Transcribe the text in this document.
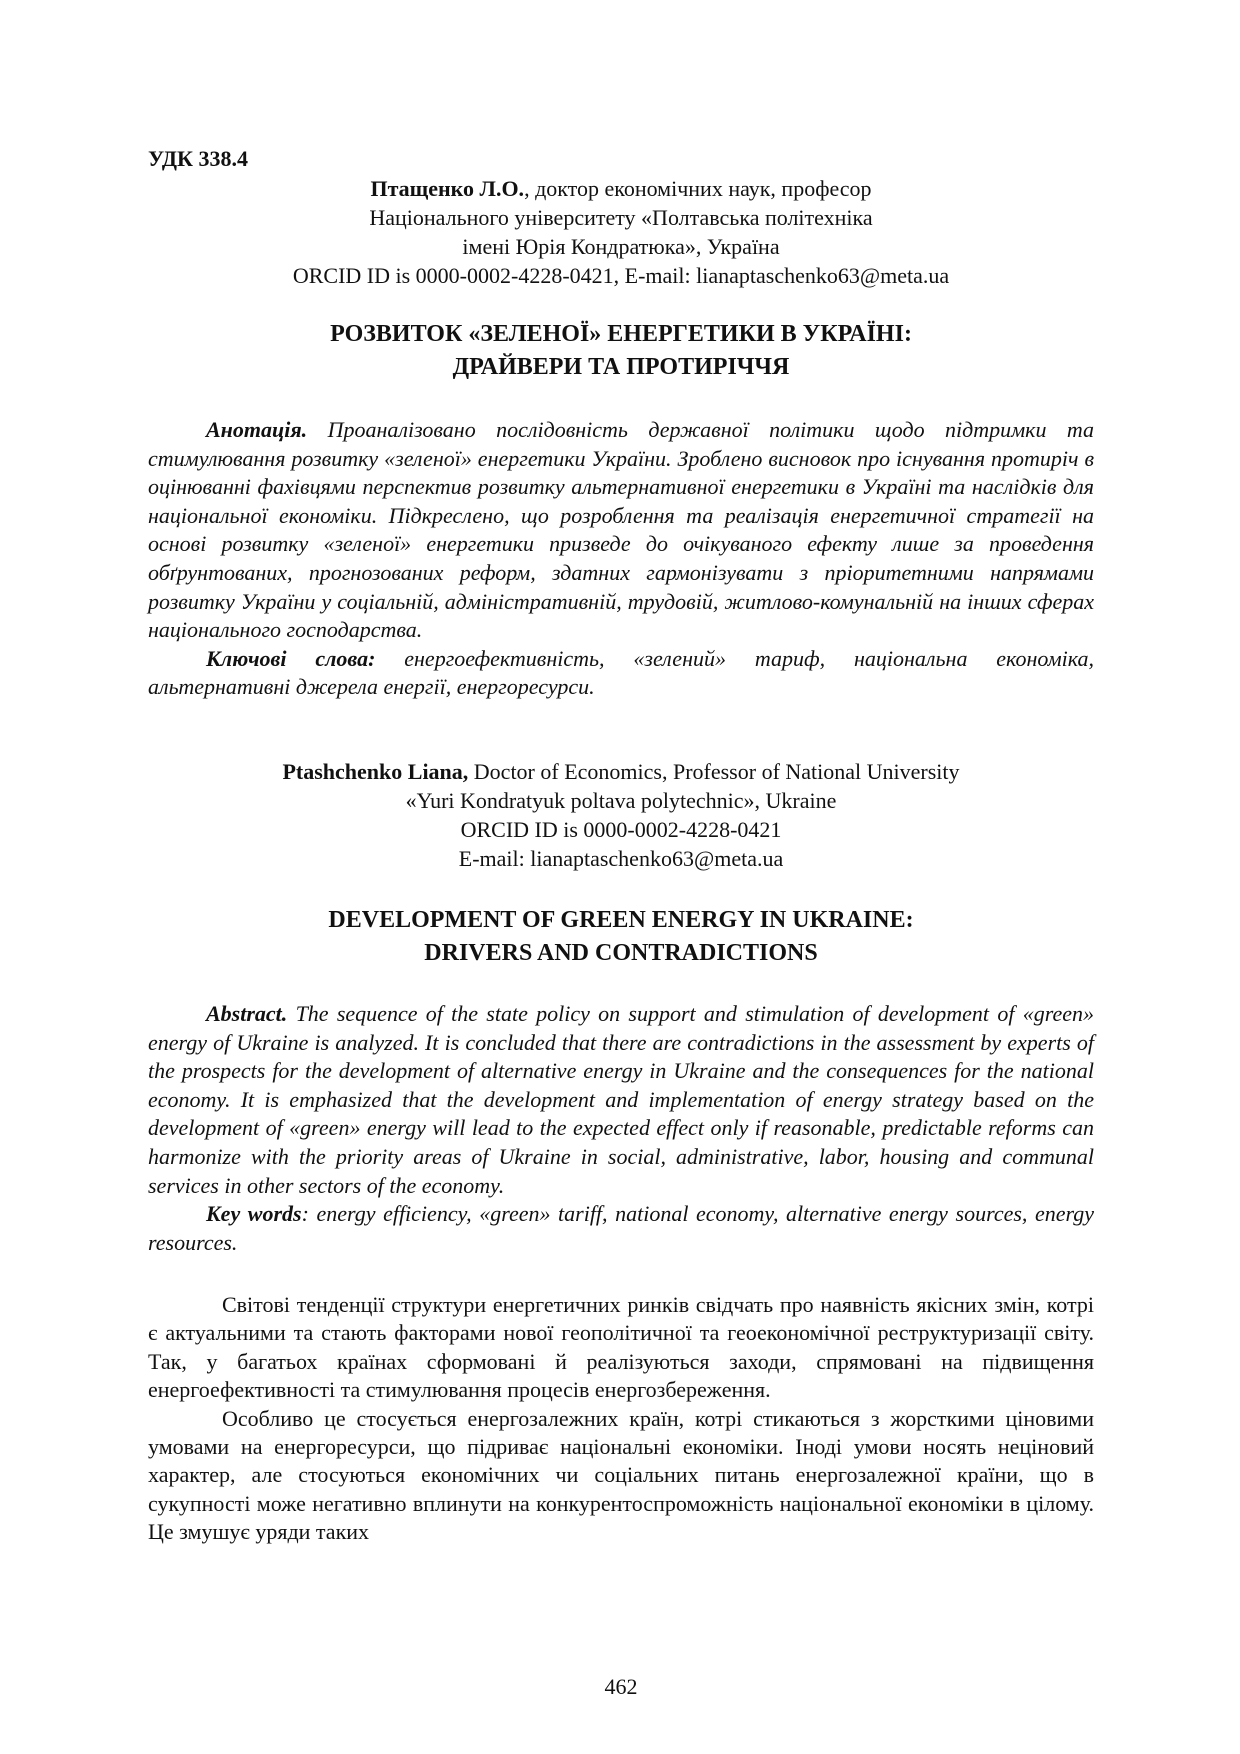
УДК 338.4
Птащенко Л.О., доктор економічних наук, професор
Національного університету «Полтавська політехніка
імені Юрія Кондратюка», Україна
ORCID ID is 0000-0002-4228-0421, E-mail: lianaptaschenko63@meta.ua
РОЗВИТОК «ЗЕЛЕНОЇ» ЕНЕРГЕТИКИ В УКРАЇНІ:
ДРАЙВЕРИ ТА ПРОТИРІЧЧЯ

Анотація. Проаналізовано послідовність державної політики щодо підтримки та стимулювання розвитку «зеленої» енергетики України. Зроблено висновок про існування протиріч в оцінюванні фахівцями перспектив розвитку альтернативної енергетики в Україні та наслідків для національної економіки. Підкреслено, що розроблення та реалізація енергетичної стратегії на основі розвитку «зеленої» енергетики призведе до очікуваного ефекту лише за проведення обґрунтованих, прогнозованих реформ, здатних гармонізувати з пріоритетними напрямами розвитку України у соціальній, адміністративній, трудовій, житлово-комунальній на інших сферах національного господарства.

Ключові слова: енергоефективність, «зелений» тариф, національна економіка, альтернативні джерела енергії, енергоресурси.

Ptashchenko Liana, Doctor of Economics, Professor of National University
«Yuri Kondratyuk poltava polytechnic», Ukraine
ORCID ID is 0000-0002-4228-0421
E-mail: lianaptaschenko63@meta.ua
DEVELOPMENT OF GREEN ENERGY IN UKRAINE:
DRIVERS AND CONTRADICTIONS

Abstract. The sequence of the state policy on support and stimulation of development of «green» energy of Ukraine is analyzed. It is concluded that there are contradictions in the assessment by experts of the prospects for the development of alternative energy in Ukraine and the consequences for the national economy. It is emphasized that the development and implementation of energy strategy based on the development of «green» energy will lead to the expected effect only if reasonable, predictable reforms can harmonize with the priority areas of Ukraine in social, administrative, labor, housing and communal services in other sectors of the economy.

Key words: energy efficiency, «green» tariff, national economy, alternative energy sources, energy resources.

Світові тенденції структури енергетичних ринків свідчать про наявність якісних змін, котрі є актуальними та стають факторами нової геополітичної та геоекономічної реструктуризації світу. Так, у багатьох країнах сформовані й реалізуються заходи, спрямовані на підвищення енергоефективності та стимулювання процесів енергозбереження.

Особливо це стосується енергозалежних країн, котрі стикаються з жорсткими ціновими умовами на енергоресурси, що підриває національні економіки. Іноді умови носять неціновий характер, але стосуються економічних чи соціальних питань енергозалежної країни, що в сукупності може негативно вплинути на конкурентоспроможність національної економіки в цілому. Це змушує уряди таких

462
